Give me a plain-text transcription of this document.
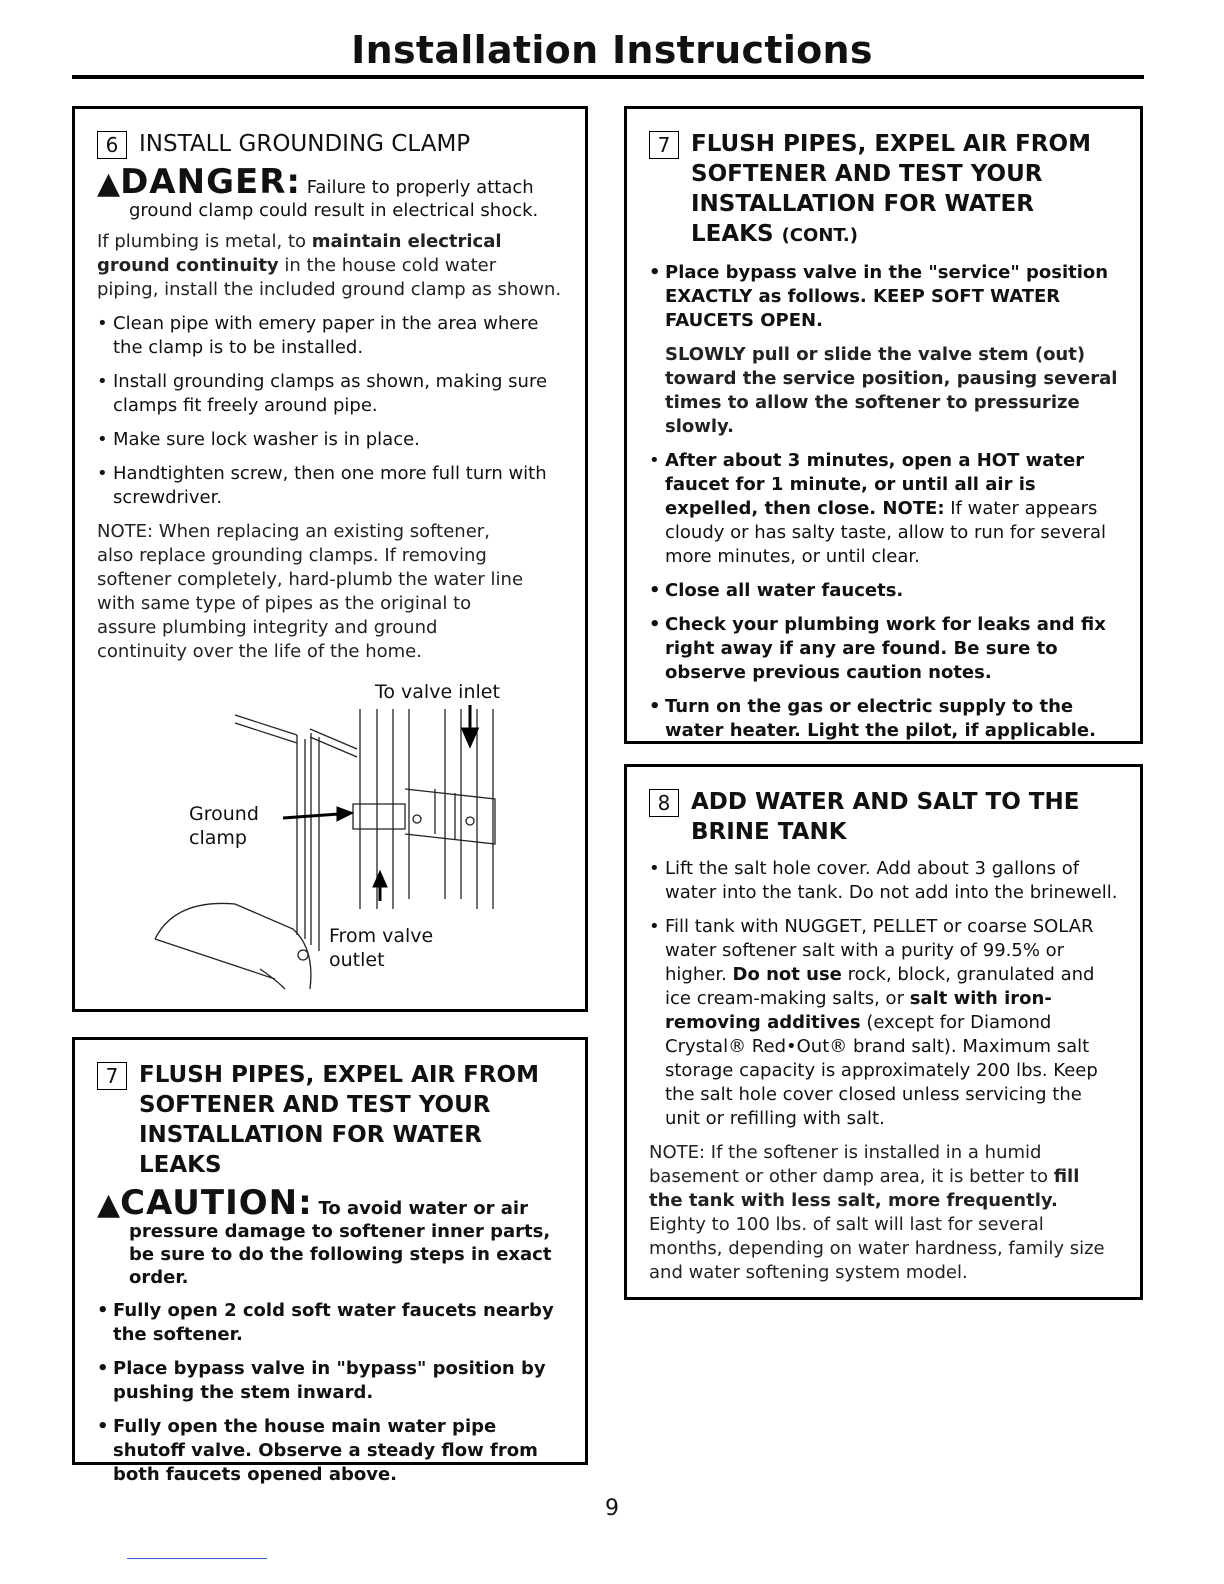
Installation Instructions
6 INSTALL GROUNDING CLAMP
▲DANGER: Failure to properly attach
ground clamp could result in electrical shock.

If plumbing is metal, to maintain electrical ground continuity in the house cold water piping, install the included ground clamp as shown.

• Clean pipe with emery paper in the area where the clamp is to be installed.
• Install grounding clamps as shown, making sure clamps fit freely around pipe.
• Make sure lock washer is in place.
• Handtighten screw, then one more full turn with screwdriver.

NOTE: When replacing an existing softener, also replace grounding clamps. If removing softener completely, hard-plumb the water line with same type of pipes as the original to assure plumbing integrity and ground continuity over the life of the home.

To valve inlet
Ground
clamp
From valve
outlet
7 FLUSH PIPES, EXPEL AIR FROM SOFTENER AND TEST YOUR INSTALLATION FOR WATER LEAKS
▲CAUTION: To avoid water or air
pressure damage to softener inner parts, be sure to do the following steps in exact order.
• Fully open 2 cold soft water faucets nearby the softener.
• Place bypass valve in "bypass" position by pushing the stem inward.
• Fully open the house main water pipe shutoff valve. Observe a steady flow from both faucets opened above.
7 FLUSH PIPES, EXPEL AIR FROM SOFTENER AND TEST YOUR INSTALLATION FOR WATER LEAKS (CONT.)
• Place bypass valve in the "service" position EXACTLY as follows. KEEP SOFT WATER FAUCETS OPEN.

SLOWLY pull or slide the valve stem (out) toward the service position, pausing several times to allow the softener to pressurize slowly.

• After about 3 minutes, open a HOT water faucet for 1 minute, or until all air is expelled, then close. NOTE: If water appears cloudy or has salty taste, allow to run for several more minutes, or until clear.
• Close all water faucets.
• Check your plumbing work for leaks and fix right away if any are found. Be sure to observe previous caution notes.
• Turn on the gas or electric supply to the water heater. Light the pilot, if applicable.
8 ADD WATER AND SALT TO THE BRINE TANK
• Lift the salt hole cover. Add about 3 gallons of water into the tank. Do not add into the brinewell.
• Fill tank with NUGGET, PELLET or coarse SOLAR water softener salt with a purity of 99.5% or higher. Do not use rock, block, granulated and ice cream-making salts, or salt with iron-removing additives (except for Diamond Crystal® Red•Out® brand salt). Maximum salt storage capacity is approximately 200 lbs. Keep the salt hole cover closed unless servicing the unit or refilling with salt.

NOTE: If the softener is installed in a humid basement or other damp area, it is better to fill the tank with less salt, more frequently. Eighty to 100 lbs. of salt will last for several months, depending on water hardness, family size and water softening system model.

9
